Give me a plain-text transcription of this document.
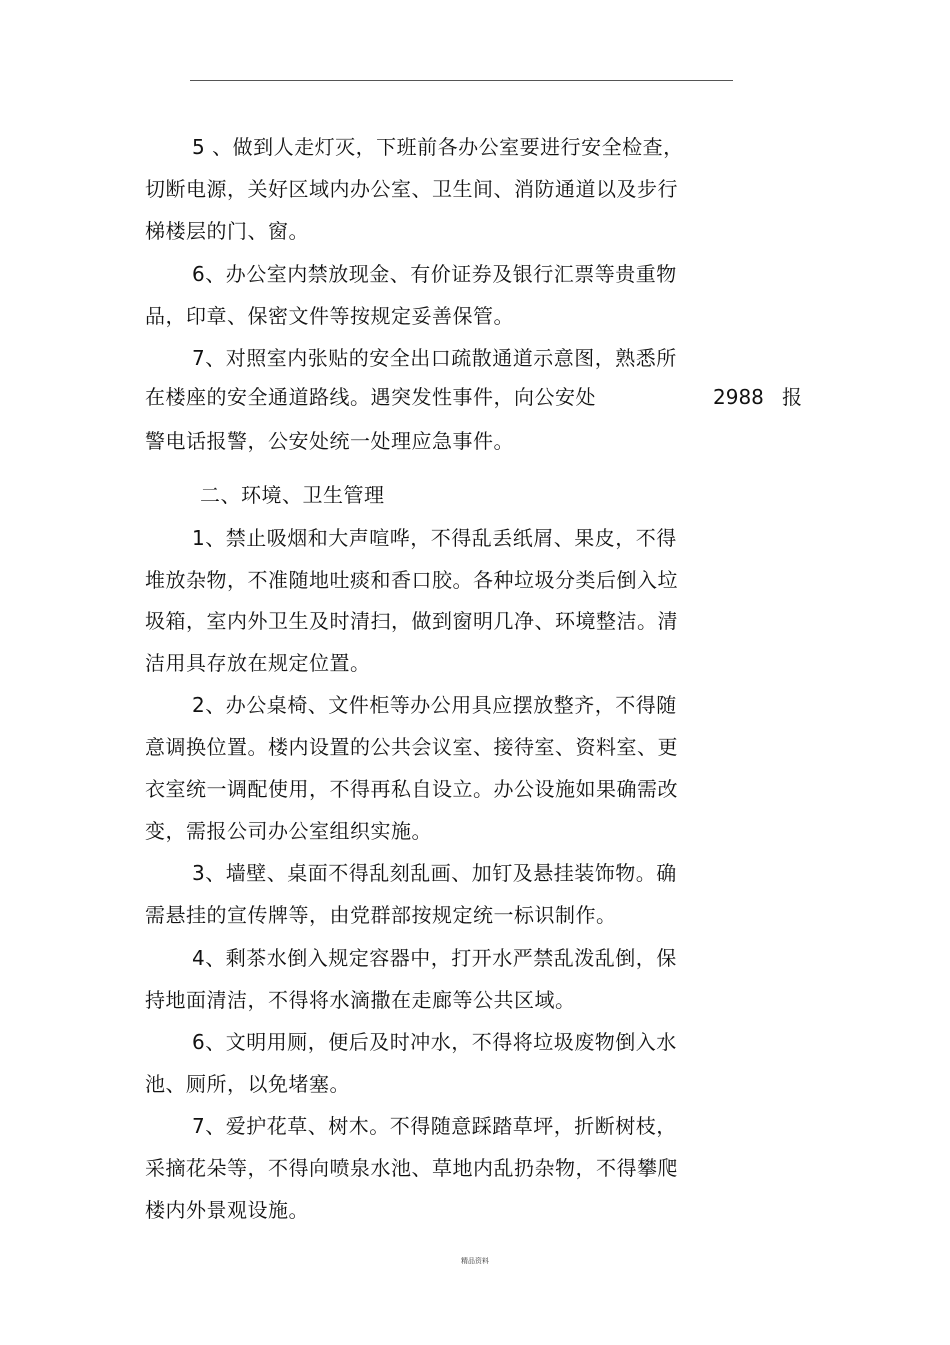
5 、做到人走灯灭，下班前各办公室要进行安全检查，
切断电源，关好区域内办公室、卫生间、消防通道以及步行
梯楼层的门、窗。
6、办公室内禁放现金、有价证券及银行汇票等贵重物
品，印章、保密文件等按规定妥善保管。
7、对照室内张贴的安全出口疏散通道示意图，熟悉所
在楼座的安全通道路线。遇突发性事件，向公安处	2988 报
警电话报警，公安处统一处理应急事件。
二、环境、卫生管理
1、禁止吸烟和大声喧哗，不得乱丢纸屑、果皮，不得
堆放杂物，不准随地吐痰和香口胶。各种垃圾分类后倒入垃
圾箱，室内外卫生及时清扫，做到窗明几净、环境整洁。清
洁用具存放在规定位置。
2、办公桌椅、文件柜等办公用具应摆放整齐，不得随
意调换位置。楼内设置的公共会议室、接待室、资料室、更
衣室统一调配使用，不得再私自设立。办公设施如果确需改
变，需报公司办公室组织实施。
3、墙壁、桌面不得乱刻乱画、加钉及悬挂装饰物。确
需悬挂的宣传牌等，由党群部按规定统一标识制作。
4、剩茶水倒入规定容器中，打开水严禁乱泼乱倒，保
持地面清洁，不得将水滴撒在走廊等公共区域。
6、文明用厕，便后及时冲水，不得将垃圾废物倒入水
池、厕所，以免堵塞。
7、爱护花草、树木。不得随意踩踏草坪，折断树枝，
采摘花朵等，不得向喷泉水池、草地内乱扔杂物，不得攀爬
楼内外景观设施。
精品资料
